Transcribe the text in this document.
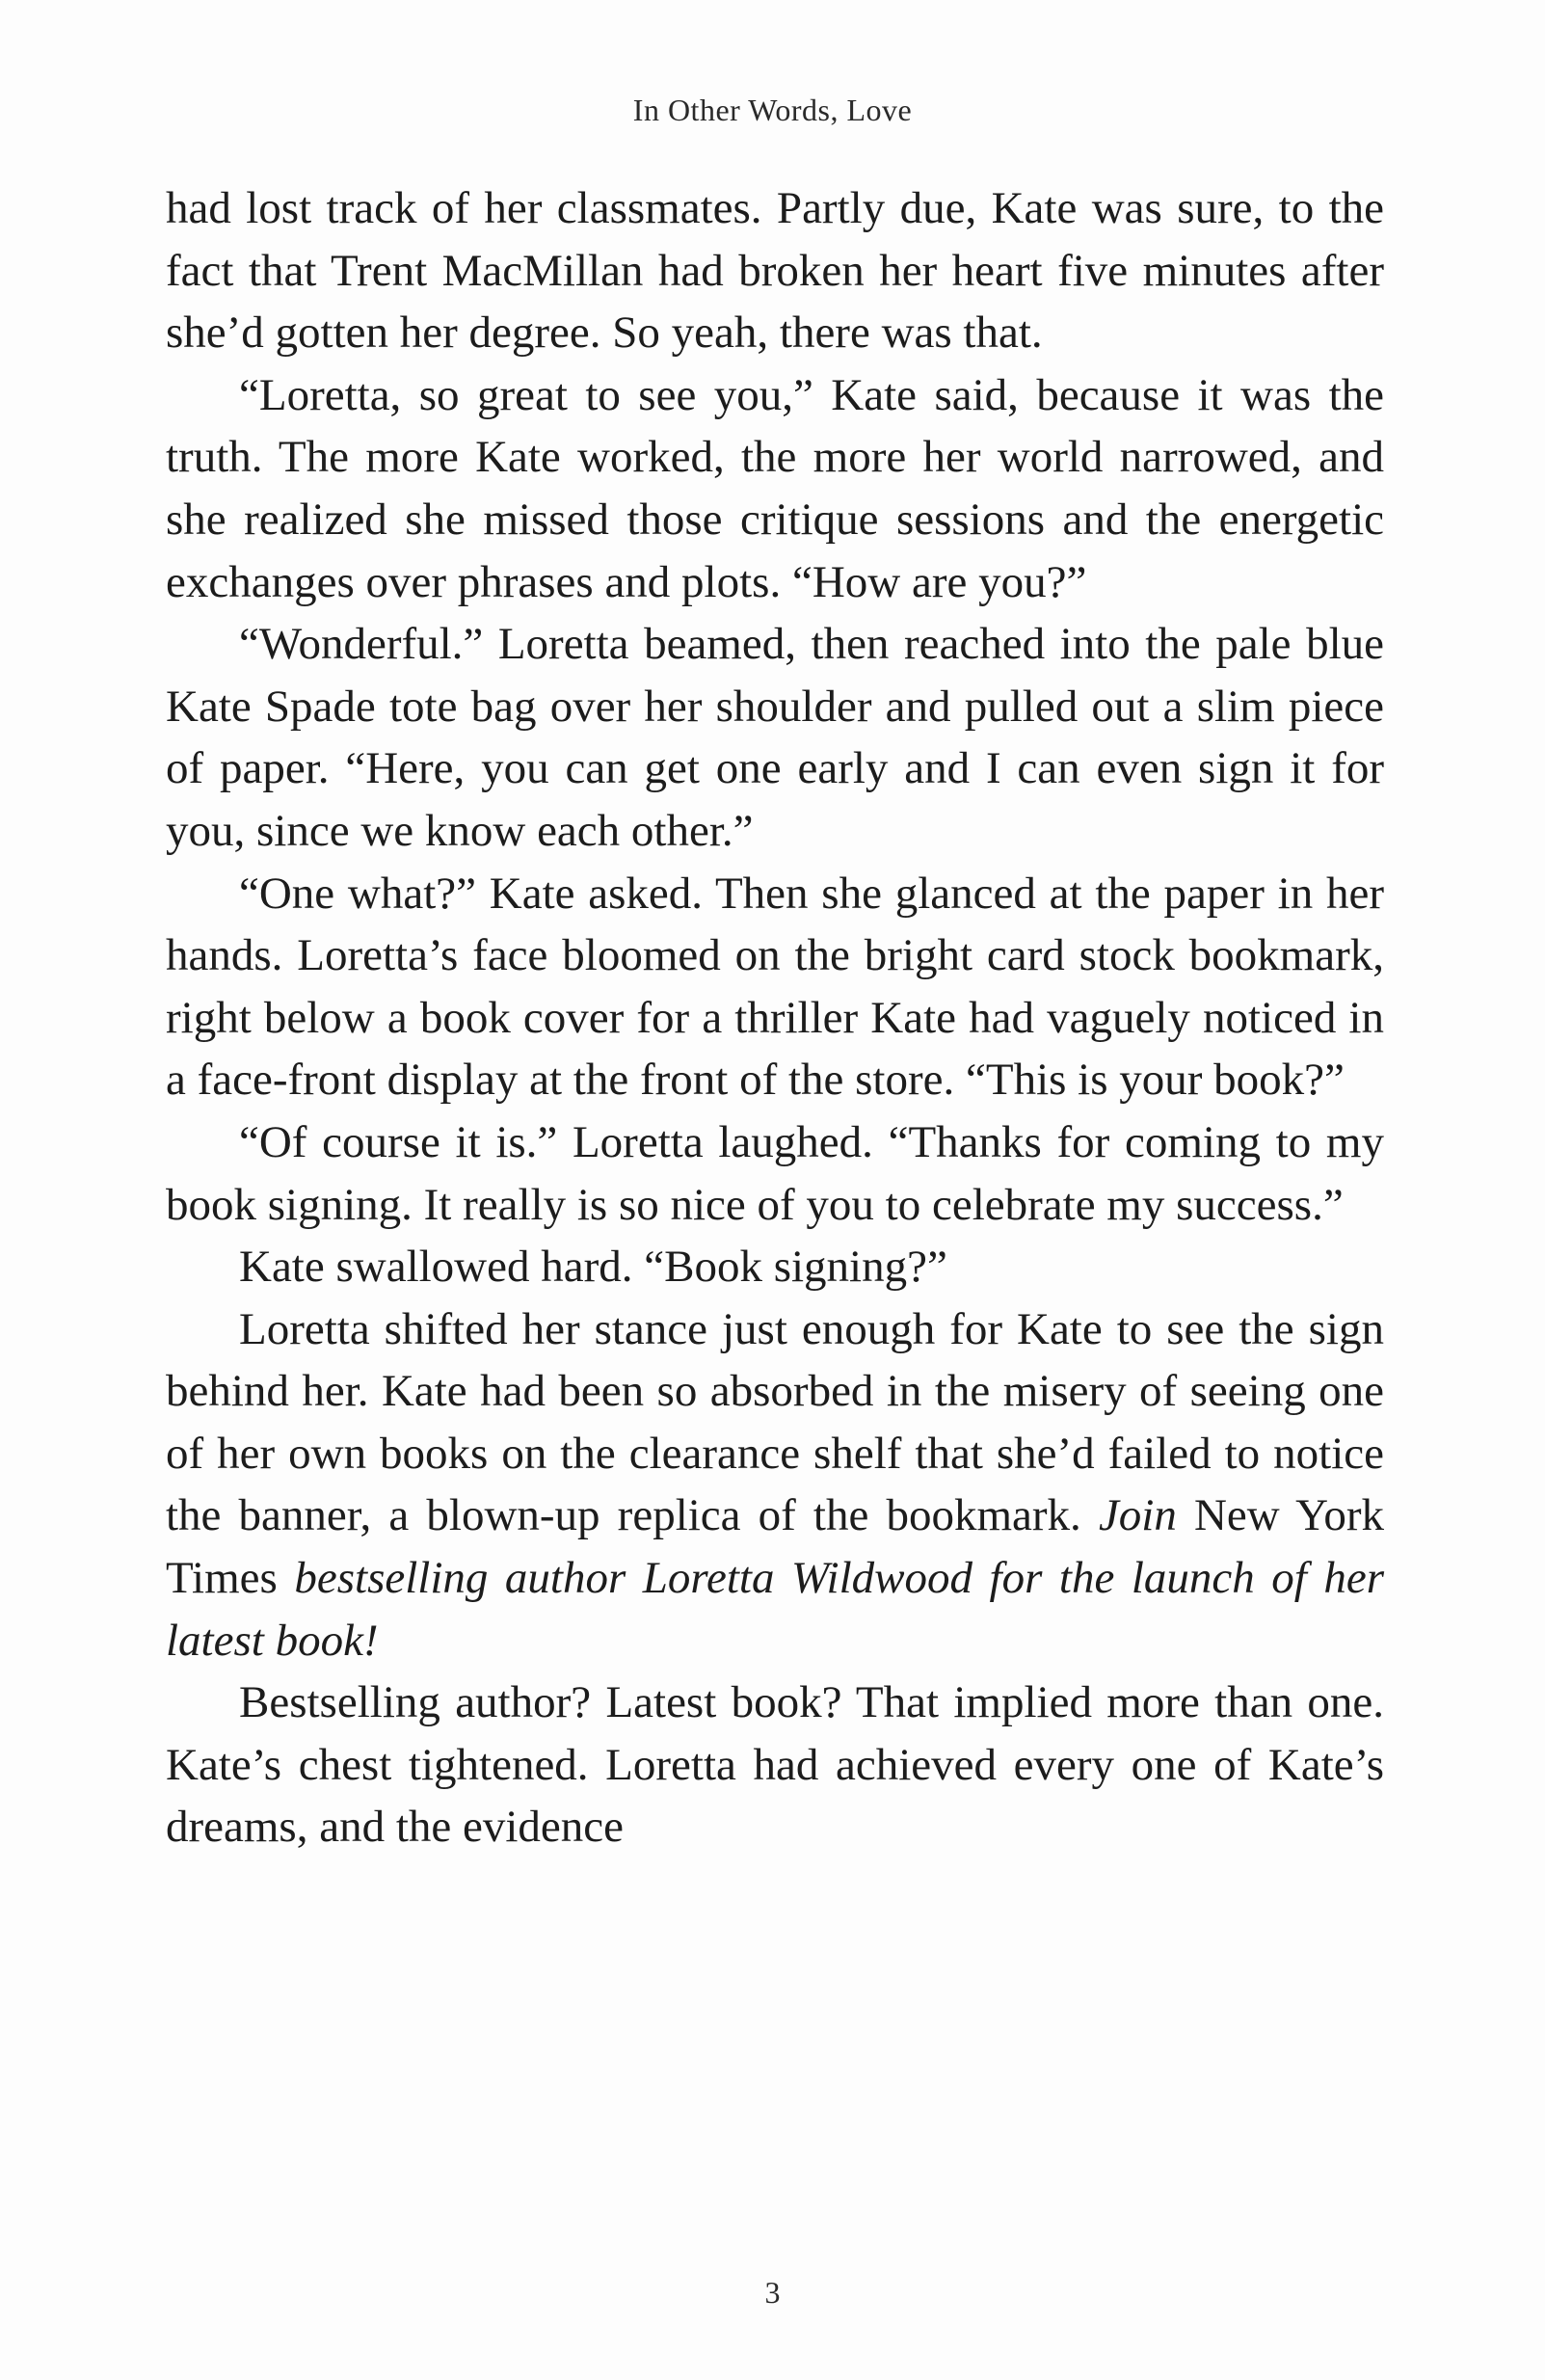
In Other Words, Love

had lost track of her classmates. Partly due, Kate was sure, to the fact that Trent MacMillan had broken her heart five minutes after she’d gotten her degree. So yeah, there was that.

“Loretta, so great to see you,” Kate said, because it was the truth. The more Kate worked, the more her world narrowed, and she realized she missed those critique sessions and the energetic exchanges over phrases and plots. “How are you?”

“Wonderful.” Loretta beamed, then reached into the pale blue Kate Spade tote bag over her shoulder and pulled out a slim piece of paper. “Here, you can get one early and I can even sign it for you, since we know each other.”

“One what?” Kate asked. Then she glanced at the paper in her hands. Loretta’s face bloomed on the bright card stock bookmark, right below a book cover for a thriller Kate had vaguely noticed in a face-front display at the front of the store. “This is your book?”

“Of course it is.” Loretta laughed. “Thanks for coming to my book signing. It really is so nice of you to celebrate my success.”

Kate swallowed hard. “Book signing?”

Loretta shifted her stance just enough for Kate to see the sign behind her. Kate had been so absorbed in the misery of seeing one of her own books on the clearance shelf that she’d failed to notice the banner, a blown-up replica of the bookmark. Join New York Times bestselling author Loretta Wildwood for the launch of her latest book!

Bestselling author? Latest book? That implied more than one. Kate’s chest tightened. Loretta had achieved every one of Kate’s dreams, and the evidence

3
